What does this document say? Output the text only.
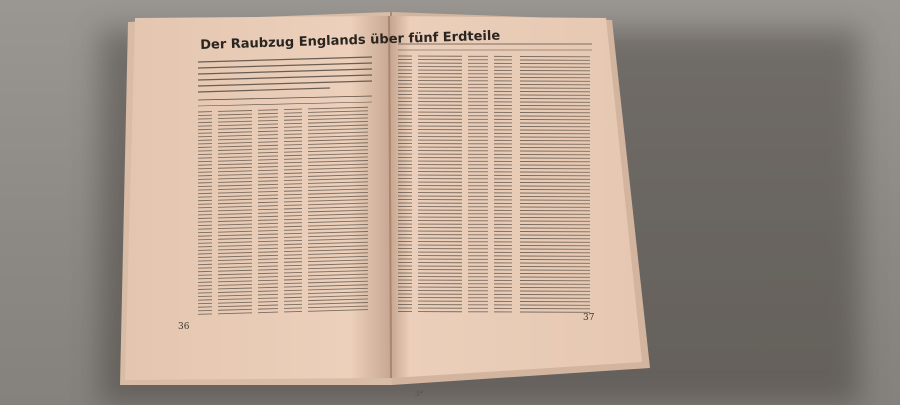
Der Raubzug Englands über fünf Erdteile
36
37
3*
